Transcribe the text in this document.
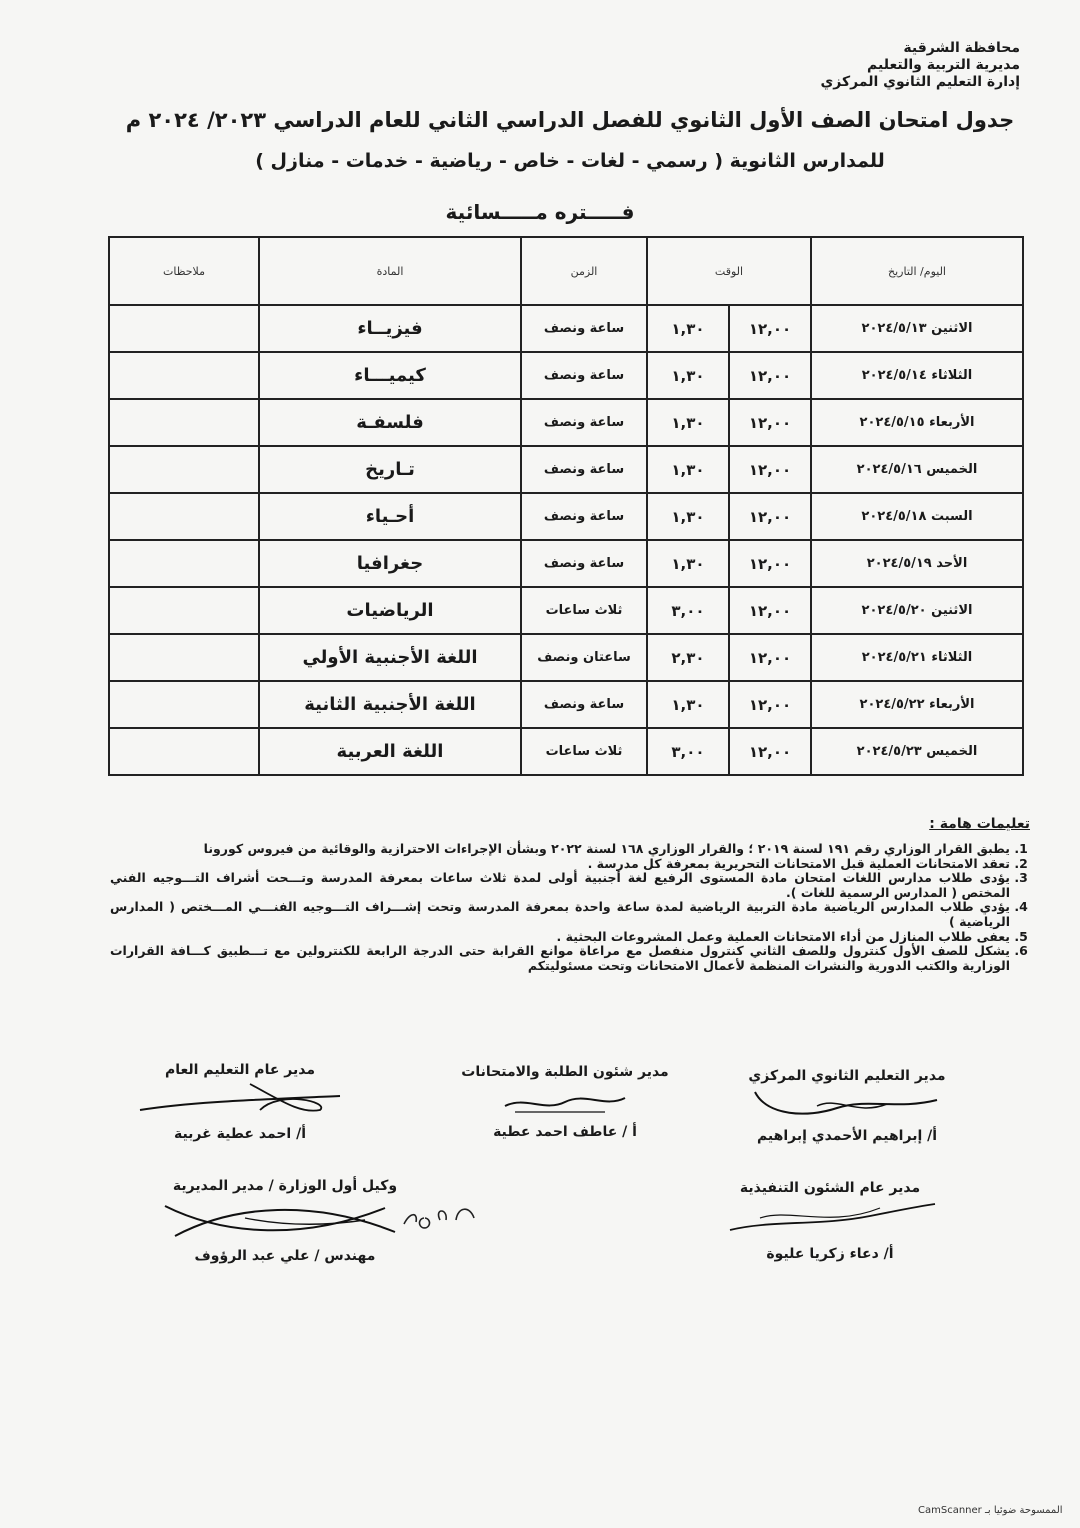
محافظة الشرقية
مديرية التربية والتعليم
إدارة التعليم الثانوي المركزي
جدول امتحان الصف الأول الثانوي للفصل الدراسي الثاني للعام الدراسي ٢٠٢٣/ ٢٠٢٤ م
للمدارس الثانوية ( رسمي - لغات - خاص - رياضية - خدمات - منازل )
فـــــتره مـــــسائية
اليوم/ التاريخ	الوقت		الزمن	المادة	ملاحظات
الاثنين ٢٠٢٤/٥/١٣	١٢,٠٠	١,٣٠	ساعة ونصف	فيزيــاء	
الثلاثاء ٢٠٢٤/٥/١٤	١٢,٠٠	١,٣٠	ساعة ونصف	كيميـــاء	
الأربعاء ٢٠٢٤/٥/١٥	١٢,٠٠	١,٣٠	ساعة ونصف	فلسفـة	
الخميس ٢٠٢٤/٥/١٦	١٢,٠٠	١,٣٠	ساعة ونصف	تـاريخ	
السبت ٢٠٢٤/٥/١٨	١٢,٠٠	١,٣٠	ساعة ونصف	أحـياء	
الأحد ٢٠٢٤/٥/١٩	١٢,٠٠	١,٣٠	ساعة ونصف	جغرافيا	
الاثنين ٢٠٢٤/٥/٢٠	١٢,٠٠	٣,٠٠	ثلاث ساعات	الرياضيات	
الثلاثاء ٢٠٢٤/٥/٢١	١٢,٠٠	٢,٣٠	ساعتان ونصف	اللغة الأجنبية الأولي	
الأربعاء ٢٠٢٤/٥/٢٢	١٢,٠٠	١,٣٠	ساعة ونصف	اللغة الأجنبية الثانية	
الخميس ٢٠٢٤/٥/٢٣	١٢,٠٠	٣,٠٠	ثلاث ساعات	اللغة العربية	
تعليمات هامة :
1. يطبق القرار الوزاري رقم ١٩١ لسنة ٢٠١٩ ؛ والقرار الوزاري ١٦٨ لسنة ٢٠٢٢ وبشأن الإجراءات الاحترازية والوقائية من فيروس كورونا
2. تعقد الامتحانات العملية قبل الامتحانات التحريرية بمعرفة كل مدرسة .
3. يؤدى طلاب مدارس اللغات امتحان مادة المستوى الرفيع لغة أجنبية أولى لمدة ثلاث ساعات بمعرفة المدرسة وتـــحت أشراف التـــوجيه الفني المختص ( المدارس الرسمية للغات ).
4. يؤدي طلاب المدارس الرياضية مادة التربية الرياضية لمدة ساعة واحدة بمعرفة المدرسة وتحت إشـــراف التـــوجيه الفنـــي المـــختص ( المدارس الرياضية )
5. يعفى طلاب المنازل من أداء الامتحانات العملية وعمل المشروعات البحثية .
6. يشكل للصف الأول كنترول وللصف الثاني كنترول منفصل مع مراعاة موانع القرابة حتى الدرجة الرابعة للكنترولين مع تـــطبيق كـــافة القرارات الوزارية والكتب الدورية والنشرات المنظمة لأعمال الامتحانات وتحت مسئوليتكم
مدير التعليم الثانوي المركزي
أ/ إبراهيم الأحمدي إبراهيم
مدير شئون الطلبة والامتحانات
أ / عاطف احمد عطية
مدير عام التعليم العام
أ/ احمد عطية غربية
مدير عام الشئون التنفيذية
أ/ دعاء زكريا عليوة
وكيل أول الوزارة / مدير المديرية
مهندس / علي عبد الرؤوف
الممسوحة ضوئيا بـ CamScanner
